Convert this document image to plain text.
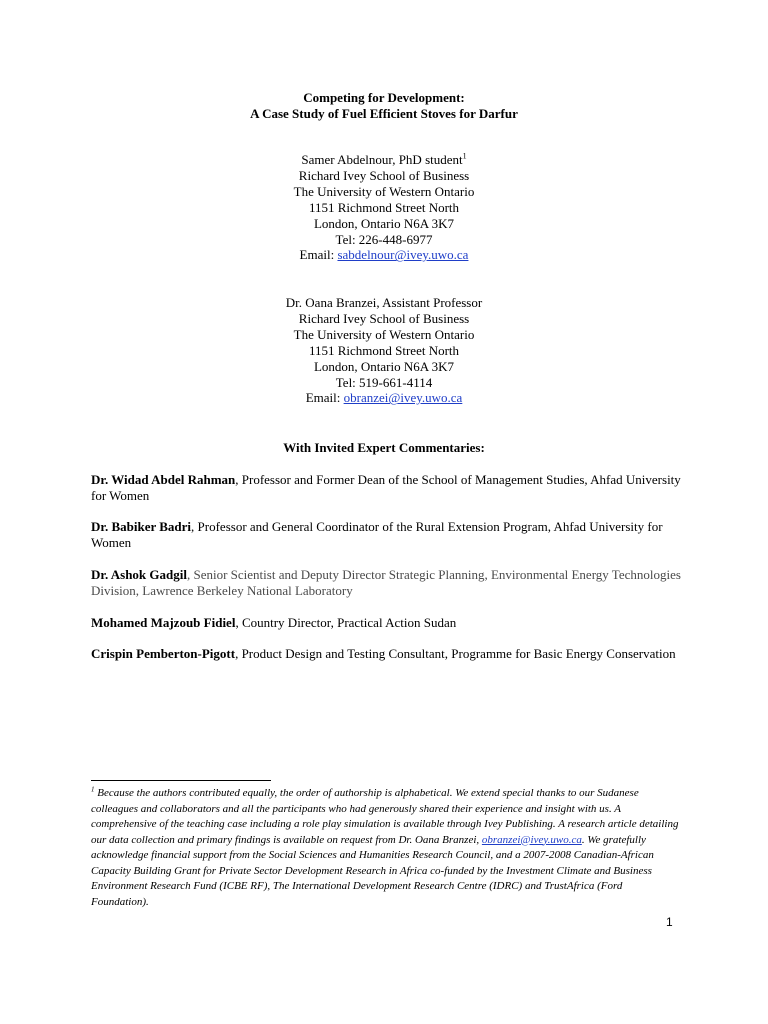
Competing for Development:
A Case Study of Fuel Efficient Stoves for Darfur
Samer Abdelnour, PhD student$^1$
Richard Ivey School of Business
The University of Western Ontario
1151 Richmond Street North
London, Ontario N6A 3K7
Tel: 226-448-6977
Email: sabdelnour@ivey.uwo.ca
Dr. Oana Branzei, Assistant Professor
Richard Ivey School of Business
The University of Western Ontario
1151 Richmond Street North
London, Ontario N6A 3K7
Tel: 519-661-4114
Email: obranzei@ivey.uwo.ca
With Invited Expert Commentaries:
Dr. Widad Abdel Rahman, Professor and Former Dean of the School of Management Studies, Ahfad University for Women
Dr. Babiker Badri, Professor and General Coordinator of the Rural Extension Program, Ahfad University for Women
Dr. Ashok Gadgil, Senior Scientist and Deputy Director Strategic Planning, Environmental Energy Technologies Division, Lawrence Berkeley National Laboratory
Mohamed Majzoub Fidiel, Country Director, Practical Action Sudan
Crispin Pemberton-Pigott, Product Design and Testing Consultant, Programme for Basic Energy Conservation
$^1$ Because the authors contributed equally, the order of authorship is alphabetical. We extend special thanks to our Sudanese colleagues and collaborators and all the participants who had generously shared their experience and insight with us. A comprehensive of the teaching case including a role play simulation is available through Ivey Publishing. A research article detailing our data collection and primary findings is available on request from Dr. Oana Branzei, obranzei@ivey.uwo.ca. We gratefully acknowledge financial support from the Social Sciences and Humanities Research Council, and a 2007-2008 Canadian-African Capacity Building Grant for Private Sector Development Research in Africa co-funded by the Investment Climate and Business Environment Research Fund (ICBE RF), The International Development Research Centre (IDRC) and TrustAfrica (Ford Foundation).
1
